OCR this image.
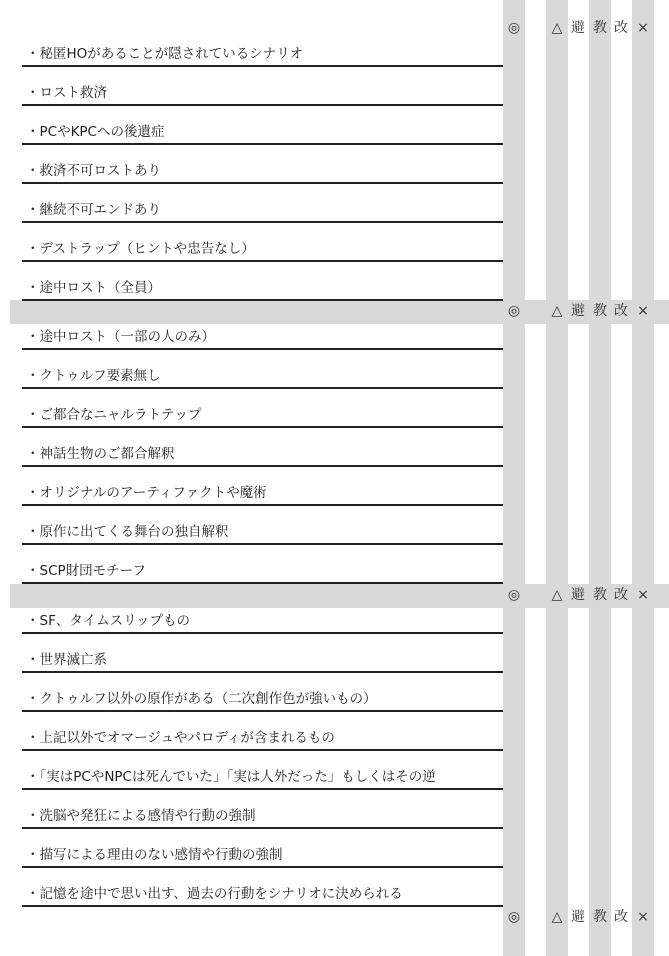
◎	△ 避 教 改 ×
◎	△ 避 教 改 ×
◎	△ 避 教 改 ×
◎	△ 避 教 改 ×
・秘匿HOがあることが隠されているシナリオ
・ロスト救済
・PCやKPCへの後遺症
・救済不可ロストあり
・継続不可エンドあり
・デストラップ（ヒントや忠告なし）
・途中ロスト（全員）
・途中ロスト（一部の人のみ）
・クトゥルフ要素無し
・ご都合なニャルラトテップ
・神話生物のご都合解釈
・オリジナルのアーティファクトや魔術
・原作に出てくる舞台の独自解釈
・SCP財団モチーフ
・SF、タイムスリップもの
・世界滅亡系
・クトゥルフ以外の原作がある（二次創作色が強いもの）
・上記以外でオマージュやパロディが含まれるもの
・「実はPCやNPCは死んでいた」「実は人外だった」もしくはその逆
・洗脳や発狂による感情や行動の強制
・描写による理由のない感情や行動の強制
・記憶を途中で思い出す、過去の行動をシナリオに決められる
